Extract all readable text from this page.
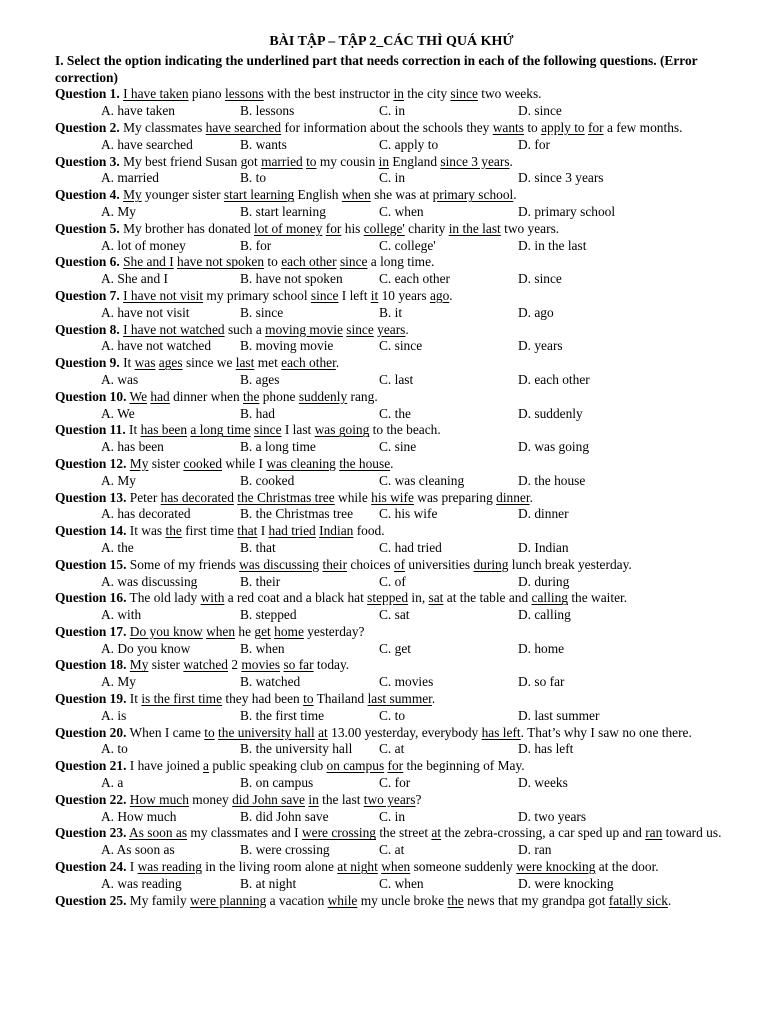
BÀI TẬP – TẬP 2_CÁC THÌ QUÁ KHỨ

I. Select the option indicating the underlined part that needs correction in each of the following questions. (Error correction)

Question 1. I have taken piano lessons with the best instructor in the city since two weeks.

A. have taken	B. lessons	C. in	D. since

Question 2. My classmates have searched for information about the schools they wants to apply to for a few months.

A. have searched	B. wants	C. apply to	D. for

Question 3. My best friend Susan got married to my cousin in England since 3 years.

A. married	B. to	C. in	D. since 3 years

Question 4. My younger sister start learning English when she was at primary school.

A. My	B. start learning	C. when	D. primary school

Question 5. My brother has donated lot of money for his college' charity in the last two years.

A. lot of money	B. for	C. college'	D. in the last

Question 6. She and I have not spoken to each other since a long time.

A. She and I	B. have not spoken	C. each other	D. since

Question 7. I have not visit my primary school since I left it 10 years ago.

A. have not visit	B. since	B. it	D. ago

Question 8. I have not watched such a moving movie since years.

A. have not watched	B. moving movie	C. since	D. years

Question 9. It was ages since we last met each other.

A. was	B. ages	C. last	D. each other

Question 10. We had dinner when the phone suddenly rang.

A. We	B. had	C. the	D. suddenly

Question 11. It has been a long time since I last was going to the beach.

A. has been	B. a long time	C. sine	D. was going

Question 12. My sister cooked while I was cleaning the house.

A. My	B. cooked	C. was cleaning	D. the house

Question 13. Peter has decorated the Christmas tree while his wife was preparing dinner.

A. has decorated	B. the Christmas tree	C. his wife	D. dinner

Question 14. It was the first time that I had tried Indian food.

A. the	B. that	C. had tried	D. Indian

Question 15. Some of my friends was discussing their choices of universities during lunch break yesterday.

A. was discussing	B. their	C. of	D. during

Question 16. The old lady with a red coat and a black hat stepped in, sat at the table and calling the waiter.

A. with	B. stepped	C. sat	D. calling

Question 17. Do you know when he get home yesterday?

A. Do you know	B. when	C. get	D. home

Question 18. My sister watched 2 movies so far today.

A. My	B. watched	C. movies	D. so far

Question 19. It is the first time they had been to Thailand last summer.

A. is	B. the first time	C. to	D. last summer

Question 20. When I came to the university hall at 13.00 yesterday, everybody has left. That’s why I saw no one there.

A. to	B. the university hall	C. at	D. has left

Question 21. I have joined a public speaking club on campus for the beginning of May.

A. a	B. on campus	C. for	D. weeks

Question 22. How much money did John save in the last two years?

A. How much	B. did John save	C. in	D. two years

Question 23. As soon as my classmates and I were crossing the street at the zebra-crossing, a car sped up and ran toward us.

A. As soon as	B. were crossing	C. at	D. ran

Question 24. I was reading in the living room alone at night when someone suddenly were knocking at the door.

A. was reading	B. at night	C. when	D. were knocking

Question 25. My family were planning a vacation while my uncle broke the news that my grandpa got fatally sick.
